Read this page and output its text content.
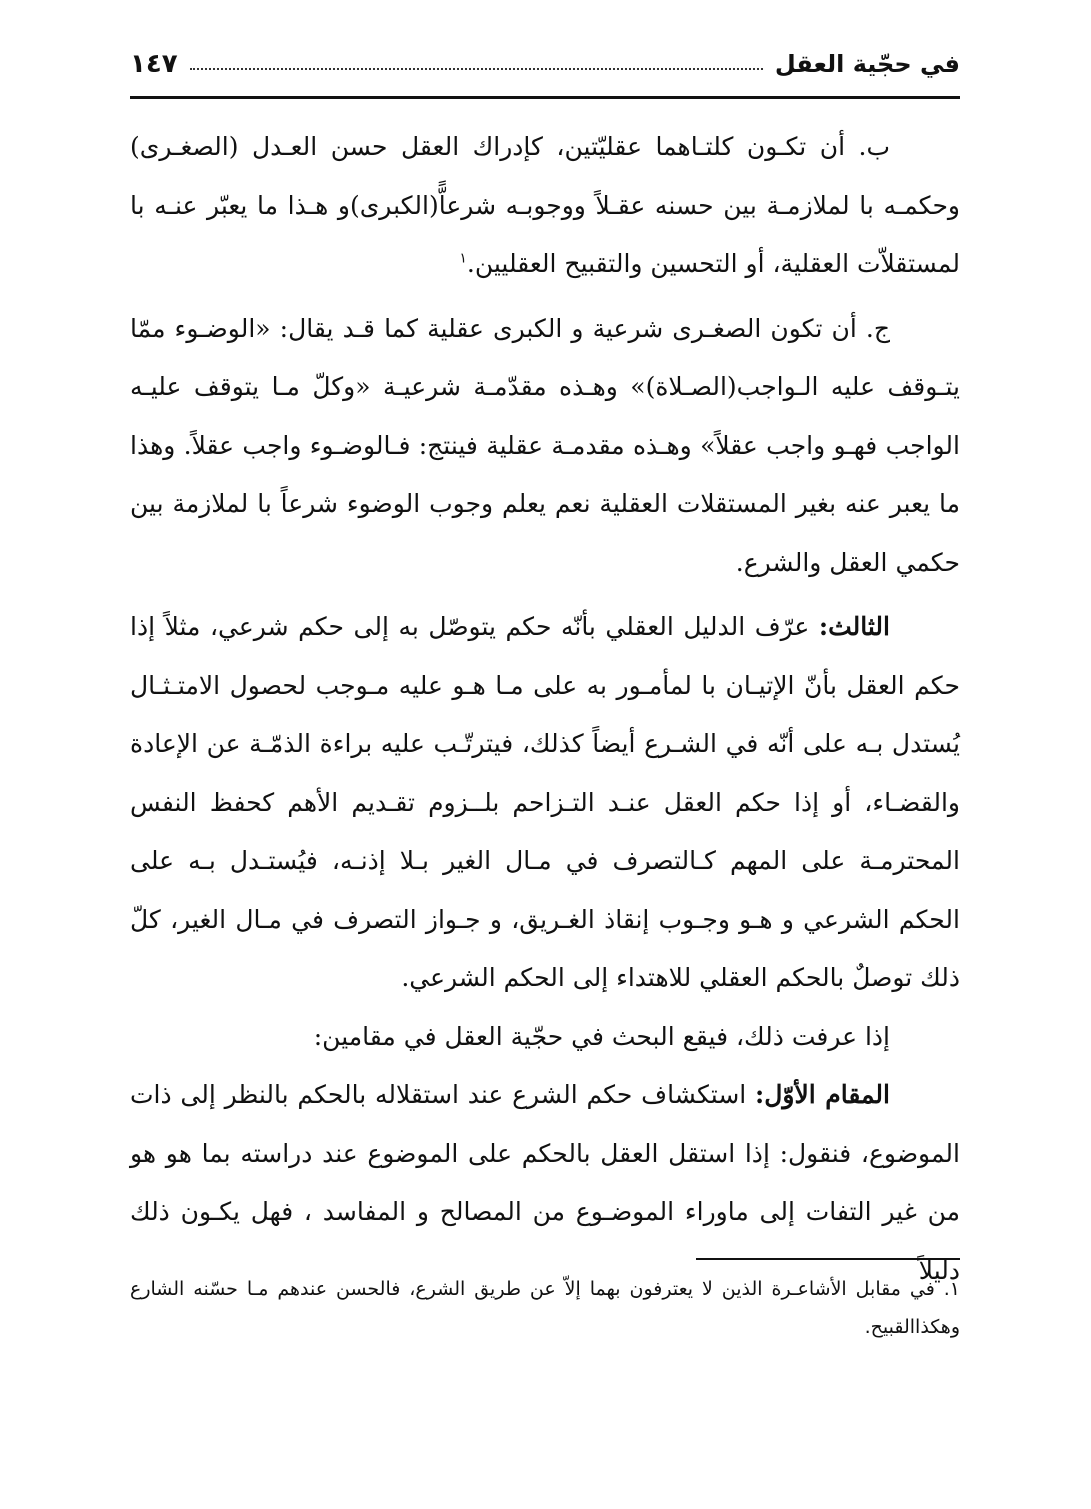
في حجّية العقل
١٤٧

ب. أن تكـون كلتـاهما عقليّتين، كإدراك العقل حسن العـدل (الصغـرى) وحكمـه با لملازمـة بين حسنه عقـلاً ووجوبـه شرعاًّ(الكبرى)و هـذا ما يعبّر عنـه با لمستقلاّت العقلية، أو التحسين والتقبيح العقليين.$^١$

ج. أن تكون الصغـرى شرعية و الكبرى عقلية كما قـد يقال: «الوضـوء ممّا يتـوقف عليه الـواجب(الصـلاة)» وهـذه مقدّمـة شرعيـة «وكلّ مـا يتوقف عليـه الواجب فهـو واجب عقلاً» وهـذه مقدمـة عقلية فينتج: فـالوضـوء واجب عقلاً. وهذا ما يعبر عنه بغير المستقلات العقلية نعم يعلم وجوب الوضوء شرعاً با لملازمة بين حكمي العقل والشرع.

الثالث: عرّف الدليل العقلي بأنّه حكم يتوصّل به إلى حكم شرعي، مثلاً إذا حكم العقل بأنّ الإتيـان با لمأمـور به على مـا هـو عليه مـوجب لحصول الامتـثـال يُستدل بـه على أنّه في الشـرع أيضاً كذلك، فيترتّـب عليه براءة الذمّـة عن الإعادة والقضـاء، أو إذا حكم العقل عنـد التـزاحم بلــزوم تقـديم الأهم كحفظ النفس المحترمـة على المهم كـالتصرف في مـال الغير بـلا إذنـه، فيُستـدل بـه على الحكم الشرعي و هـو وجـوب إنقاذ الغـريق، و جـواز التصرف في مـال الغير، كلّ ذلك توصلٌ بالحكم العقلي للاهتداء إلى الحكم الشرعي.

إذا عرفت ذلك، فيقع البحث في حجّية العقل في مقامين:

المقام الأوّل: استكشاف حكم الشرع عند استقلاله بالحكم بالنظر إلى ذات الموضوع، فنقول: إذا استقل العقل بالحكم على الموضوع عند دراسته بما هو هو من غير التفات إلى ماوراء الموضـوع من المصالح و المفاسد ، فهل يكـون ذلك دليلاً

١. في مقابل الأشاعـرة الذين لا يعترفون بهما إلاّ عن طريق الشرع، فالحسن عندهم مـا حسّنه الشارع وهكذاالقبيح.
